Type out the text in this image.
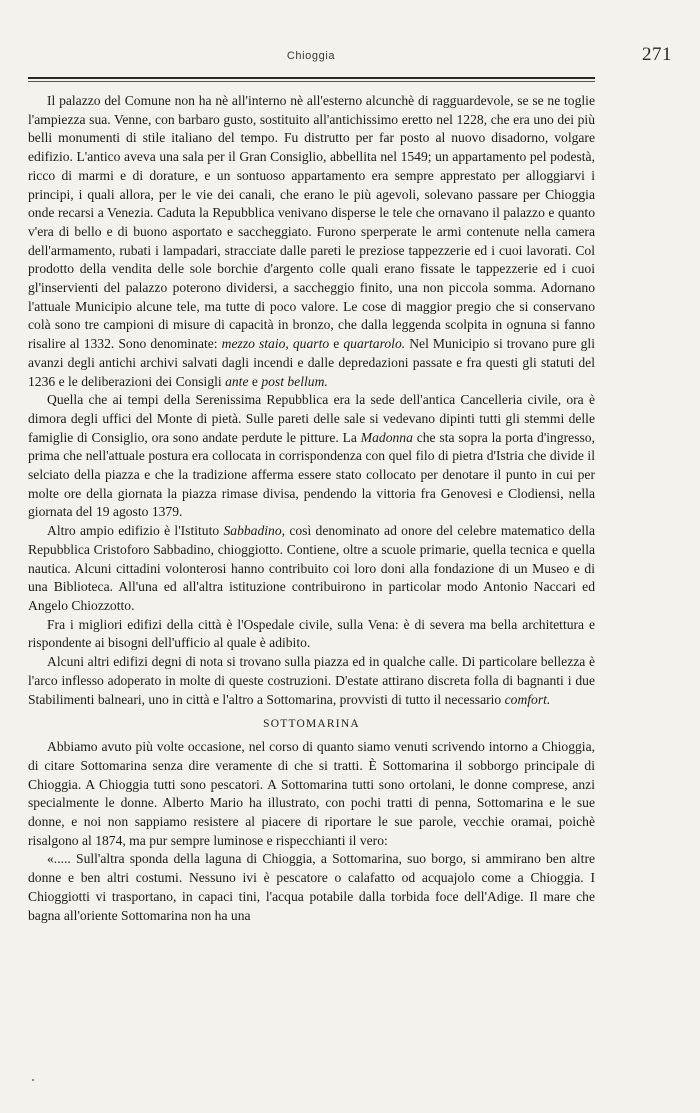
Chioggia	271

Il palazzo del Comune non ha nè all'interno nè all'esterno alcunchè di ragguardevole, se se ne toglie l'ampiezza sua. Venne, con barbaro gusto, sostituito all'antichissimo eretto nel 1228, che era uno dei più belli monumenti di stile italiano del tempo. Fu distrutto per far posto al nuovo disadorno, volgare edifizio. L'antico aveva una sala per il Gran Consiglio, abbellita nel 1549; un appartamento pel podestà, ricco di marmi e di dorature, e un sontuoso appartamento era sempre apprestato per alloggiarvi i principi, i quali allora, per le vie dei canali, che erano le più agevoli, solevano passare per Chioggia onde recarsi a Venezia. Caduta la Repubblica venivano disperse le tele che ornavano il palazzo e quanto v'era di bello e di buono asportato e saccheggiato. Furono sperperate le armi contenute nella camera dell'armamento, rubati i lampadari, stracciate dalle pareti le preziose tappezzerie ed i cuoi lavorati. Col prodotto della vendita delle sole borchie d'argento colle quali erano fissate le tappezzerie ed i cuoi gl'inservienti del palazzo poterono dividersi, a saccheggio finito, una non piccola somma. Adornano l'attuale Municipio alcune tele, ma tutte di poco valore. Le cose di maggior pregio che si conservano colà sono tre campioni di misure di capacità in bronzo, che dalla leggenda scolpita in ognuna si fanno risalire al 1332. Sono denominate: mezzo staio, quarto e quartarolo. Nel Municipio si trovano pure gli avanzi degli antichi archivi salvati dagli incendi e dalle depredazioni passate e fra questi gli statuti del 1236 e le deliberazioni dei Consigli ante e post bellum.

Quella che ai tempi della Serenissima Repubblica era la sede dell'antica Cancelleria civile, ora è dimora degli uffici del Monte di pietà. Sulle pareti delle sale si vedevano dipinti tutti gli stemmi delle famiglie di Consiglio, ora sono andate perdute le pitture. La Madonna che sta sopra la porta d'ingresso, prima che nell'attuale postura era collocata in corrispondenza con quel filo di pietra d'Istria che divide il selciato della piazza e che la tradizione afferma essere stato collocato per denotare il punto in cui per molte ore della giornata la piazza rimase divisa, pendendo la vittoria fra Genovesi e Clodiensi, nella giornata del 19 agosto 1379.

Altro ampio edifizio è l'Istituto Sabbadino, così denominato ad onore del celebre matematico della Repubblica Cristoforo Sabbadino, chioggiotto. Contiene, oltre a scuole primarie, quella tecnica e quella nautica. Alcuni cittadini volonterosi hanno contribuito coi loro doni alla fondazione di un Museo e di una Biblioteca. All'una ed all'altra istituzione contribuirono in particolar modo Antonio Naccari ed Angelo Chiozzotto.

Fra i migliori edifizi della città è l'Ospedale civile, sulla Vena: è di severa ma bella architettura e rispondente ai bisogni dell'ufficio al quale è adibito.

Alcuni altri edifizi degni di nota si trovano sulla piazza ed in qualche calle. Di particolare bellezza è l'arco inflesso adoperato in molte di queste costruzioni. D'estate attirano discreta folla di bagnanti i due Stabilimenti balneari, uno in città e l'altro a Sottomarina, provvisti di tutto il necessario comfort.

SOTTOMARINA

Abbiamo avuto più volte occasione, nel corso di quanto siamo venuti scrivendo intorno a Chioggia, di citare Sottomarina senza dire veramente di che si tratti. È Sottomarina il sobborgo principale di Chioggia. A Chioggia tutti sono pescatori. A Sottomarina tutti sono ortolani, le donne comprese, anzi specialmente le donne. Alberto Mario ha illustrato, con pochi tratti di penna, Sottomarina e le sue donne, e noi non sappiamo resistere al piacere di riportare le sue parole, vecchie oramai, poichè risalgono al 1874, ma pur sempre luminose e rispecchianti il vero:

«..... Sull'altra sponda della laguna di Chioggia, a Sottomarina, suo borgo, si ammirano ben altre donne e ben altri costumi. Nessuno ivi è pescatore o calafatto od acquajolo come a Chioggia. I Chioggiotti vi trasportano, in capaci tini, l'acqua potabile dalla torbida foce dell'Adige. Il mare che bagna all'oriente Sottomarina non ha una
